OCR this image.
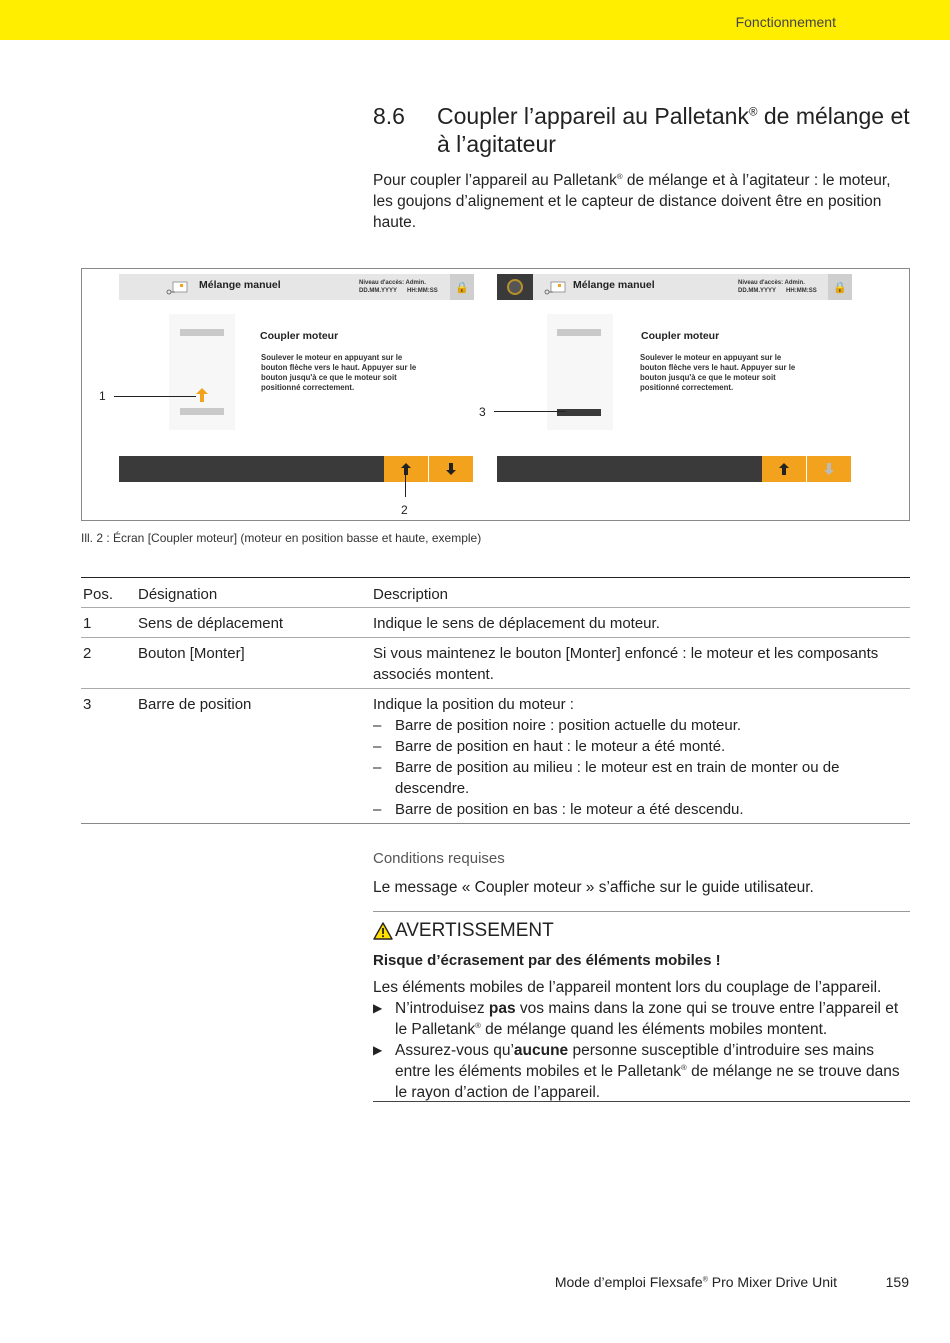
Fonctionnement
8.6 Coupler l’appareil au Palletank® de mélange et à l’agitateur

Pour coupler l’appareil au Palletank® de mélange et à l’agitateur : le moteur, les goujons d’alignement et le capteur de distance doivent être en position haute.

Mélange manuel	Niveau d'accès: Admin.
DD.MM.YYYY HH:MM:SS	🔒
Coupler moteur

Soulever le moteur en appuyant sur le bouton flèche vers le haut. Appuyer sur le bouton jusqu'à ce que le moteur soit positionné correctement.

Mélange manuel	Niveau d'accès: Admin.
DD.MM.YYYY HH:MM:SS	🔒
Coupler moteur

Soulever le moteur en appuyant sur le bouton flèche vers le haut. Appuyer sur le bouton jusqu'à ce que le moteur soit positionné correctement.

1
2
3

Ill. 2 : Écran [Coupler moteur] (moteur en position basse et haute, exemple)

Pos. Désignation	Description
1	Sens de déplacement	Indique le sens de déplacement du moteur.
2	Bouton [Monter]	Si vous maintenez le bouton [Monter] enfoncé : le moteur et les composants associés montent.
3	Barre de position	Indique la position du moteur :
– Barre de position noire : position actuelle du moteur.
– Barre de position en haut : le moteur a été monté.
– Barre de position au milieu : le moteur est en train de monter ou de descendre.
– Barre de position en bas : le moteur a été descendu.

Conditions requises

Le message « Coupler moteur » s’affiche sur le guide utilisateur.

AVERTISSEMENT

Risque d’écrasement par des éléments mobiles !

Les éléments mobiles de l’appareil montent lors du couplage de l’appareil.

▶ N’introduisez pas vos mains dans la zone qui se trouve entre l’appareil et le Palletank® de mélange quand les éléments mobiles montent.
▶ Assurez-vous qu’aucune personne susceptible d’introduire ses mains entre les éléments mobiles et le Palletank® de mélange ne se trouve dans le rayon d’action de l’appareil.
Mode d’emploi Flexsafe® Pro Mixer Drive Unit	159
